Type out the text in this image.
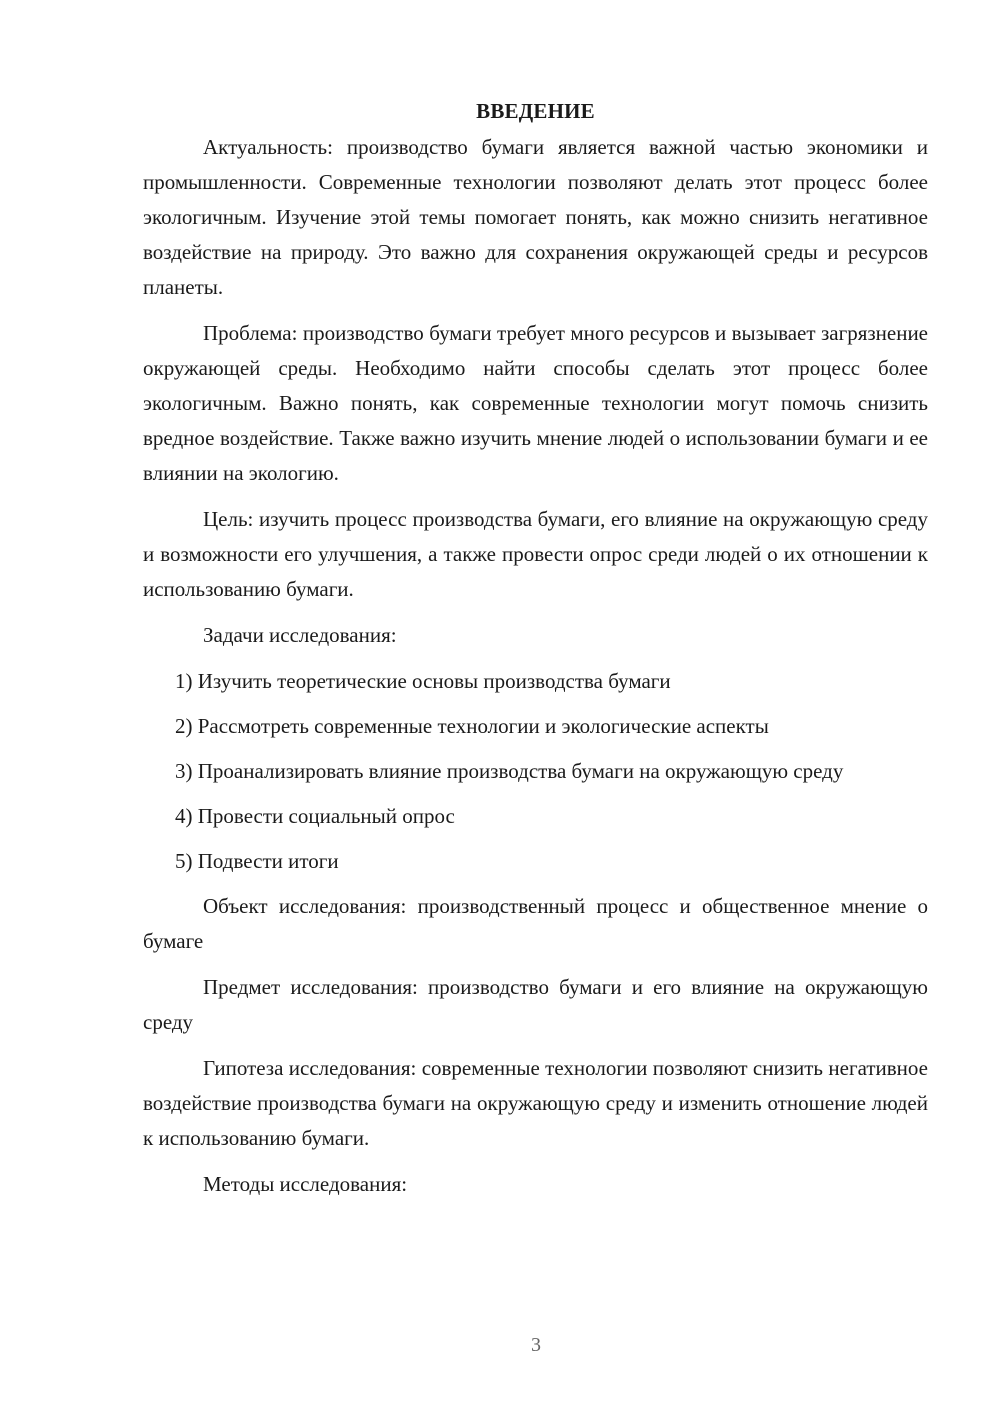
ВВЕДЕНИЕ

Актуальность: производство бумаги является важной частью экономики и промышленности. Современные технологии позволяют делать этот процесс более экологичным. Изучение этой темы помогает понять, как можно снизить негативное воздействие на природу. Это важно для сохранения окружающей среды и ресурсов планеты.

Проблема: производство бумаги требует много ресурсов и вызывает загрязнение окружающей среды. Необходимо найти способы сделать этот процесс более экологичным. Важно понять, как современные технологии могут помочь снизить вредное воздействие. Также важно изучить мнение людей о использовании бумаги и ее влиянии на экологию.

Цель: изучить процесс производства бумаги, его влияние на окружающую среду и возможности его улучшения, а также провести опрос среди людей о их отношении к использованию бумаги.

Задачи исследования:

1) Изучить теоретические основы производства бумаги

2) Рассмотреть современные технологии и экологические аспекты

3) Проанализировать влияние производства бумаги на окружающую среду

4) Провести социальный опрос

5) Подвести итоги

Объект исследования: производственный процесс и общественное мнение о бумаге

Предмет исследования: производство бумаги и его влияние на окружающую среду

Гипотеза исследования: современные технологии позволяют снизить негативное воздействие производства бумаги на окружающую среду и изменить отношение людей к использованию бумаги.

Методы исследования:

3
